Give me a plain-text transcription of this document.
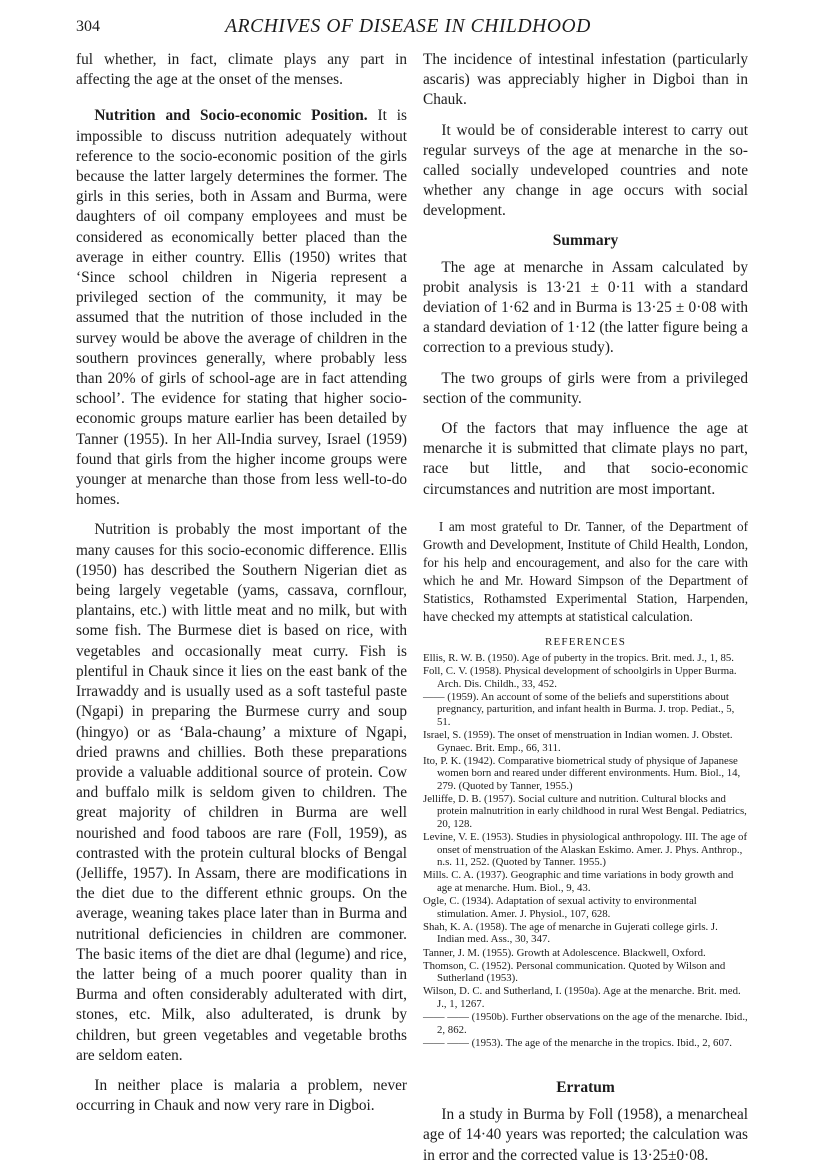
304	ARCHIVES OF DISEASE IN CHILDHOOD

ful whether, in fact, climate plays any part in affecting the age at the onset of the menses.

Nutrition and Socio-economic Position. It is impossible to discuss nutrition adequately without reference to the socio-economic position of the girls because the latter largely determines the former. The girls in this series, both in Assam and Burma, were daughters of oil company employees and must be considered as economically better placed than the average in either country. Ellis (1950) writes that ‘Since school children in Nigeria represent a privileged section of the community, it may be assumed that the nutrition of those included in the survey would be above the average of children in the southern provinces generally, where probably less than 20% of girls of school-age are in fact attending school’. The evidence for stating that higher socio-economic groups mature earlier has been detailed by Tanner (1955). In her All-India survey, Israel (1959) found that girls from the higher income groups were younger at menarche than those from less well-to-do homes.

Nutrition is probably the most important of the many causes for this socio-economic difference. Ellis (1950) has described the Southern Nigerian diet as being largely vegetable (yams, cassava, cornflour, plantains, etc.) with little meat and no milk, but with some fish. The Burmese diet is based on rice, with vegetables and occasionally meat curry. Fish is plentiful in Chauk since it lies on the east bank of the Irrawaddy and is usually used as a soft tasteful paste (Ngapi) in preparing the Burmese curry and soup (hingyo) or as ‘Bala-chaung’ a mixture of Ngapi, dried prawns and chillies. Both these preparations provide a valuable additional source of protein. Cow and buffalo milk is seldom given to children. The great majority of children in Burma are well nourished and food taboos are rare (Foll, 1959), as contrasted with the protein cultural blocks of Bengal (Jelliffe, 1957). In Assam, there are modifications in the diet due to the different ethnic groups. On the average, weaning takes place later than in Burma and nutritional deficiencies in children are commoner. The basic items of the diet are dhal (legume) and rice, the latter being of a much poorer quality than in Burma and often considerably adulterated with dirt, stones, etc. Milk, also adulterated, is drunk by children, but green vegetables and vegetable broths are seldom eaten.

In neither place is malaria a problem, never occurring in Chauk and now very rare in Digboi.

The incidence of intestinal infestation (particularly ascaris) was appreciably higher in Digboi than in Chauk.

It would be of considerable interest to carry out regular surveys of the age at menarche in the so-called socially undeveloped countries and note whether any change in age occurs with social development.

Summary

The age at menarche in Assam calculated by probit analysis is 13·21 ± 0·11 with a standard deviation of 1·62 and in Burma is 13·25 ± 0·08 with a standard deviation of 1·12 (the latter figure being a correction to a previous study).

The two groups of girls were from a privileged section of the community.

Of the factors that may influence the age at menarche it is submitted that climate plays no part, race but little, and that socio-economic circumstances and nutrition are most important.

I am most grateful to Dr. Tanner, of the Department of Growth and Development, Institute of Child Health, London, for his help and encouragement, and also for the care with which he and Mr. Howard Simpson of the Department of Statistics, Rothamsted Experimental Station, Harpenden, have checked my attempts at statistical calculation.

REFERENCES

Ellis, R. W. B. (1950). Age of puberty in the tropics. Brit. med. J., 1, 85.

Foll, C. V. (1958). Physical development of schoolgirls in Upper Burma. Arch. Dis. Childh., 33, 452.

—— (1959). An account of some of the beliefs and superstitions about pregnancy, parturition, and infant health in Burma. J. trop. Pediat., 5, 51.

Israel, S. (1959). The onset of menstruation in Indian women. J. Obstet. Gynaec. Brit. Emp., 66, 311.

Ito, P. K. (1942). Comparative biometrical study of physique of Japanese women born and reared under different environments. Hum. Biol., 14, 279. (Quoted by Tanner, 1955.)

Jelliffe, D. B. (1957). Social culture and nutrition. Cultural blocks and protein malnutrition in early childhood in rural West Bengal. Pediatrics, 20, 128.

Levine, V. E. (1953). Studies in physiological anthropology. III. The age of onset of menstruation of the Alaskan Eskimo. Amer. J. Phys. Anthrop., n.s. 11, 252. (Quoted by Tanner. 1955.)

Mills. C. A. (1937). Geographic and time variations in body growth and age at menarche. Hum. Biol., 9, 43.

Ogle, C. (1934). Adaptation of sexual activity to environmental stimulation. Amer. J. Physiol., 107, 628.

Shah, K. A. (1958). The age of menarche in Gujerati college girls. J. Indian med. Ass., 30, 347.

Tanner, J. M. (1955). Growth at Adolescence. Blackwell, Oxford.

Thomson, C. (1952). Personal communication. Quoted by Wilson and Sutherland (1953).

Wilson, D. C. and Sutherland, I. (1950a). Age at the menarche. Brit. med. J., 1, 1267.

—— —— (1950b). Further observations on the age of the menarche. Ibid., 2, 862.

—— —— (1953). The age of the menarche in the tropics. Ibid., 2, 607.

Erratum

In a study in Burma by Foll (1958), a menarcheal age of 14·40 years was reported; the calculation was in error and the corrected value is 13·25±0·08.
